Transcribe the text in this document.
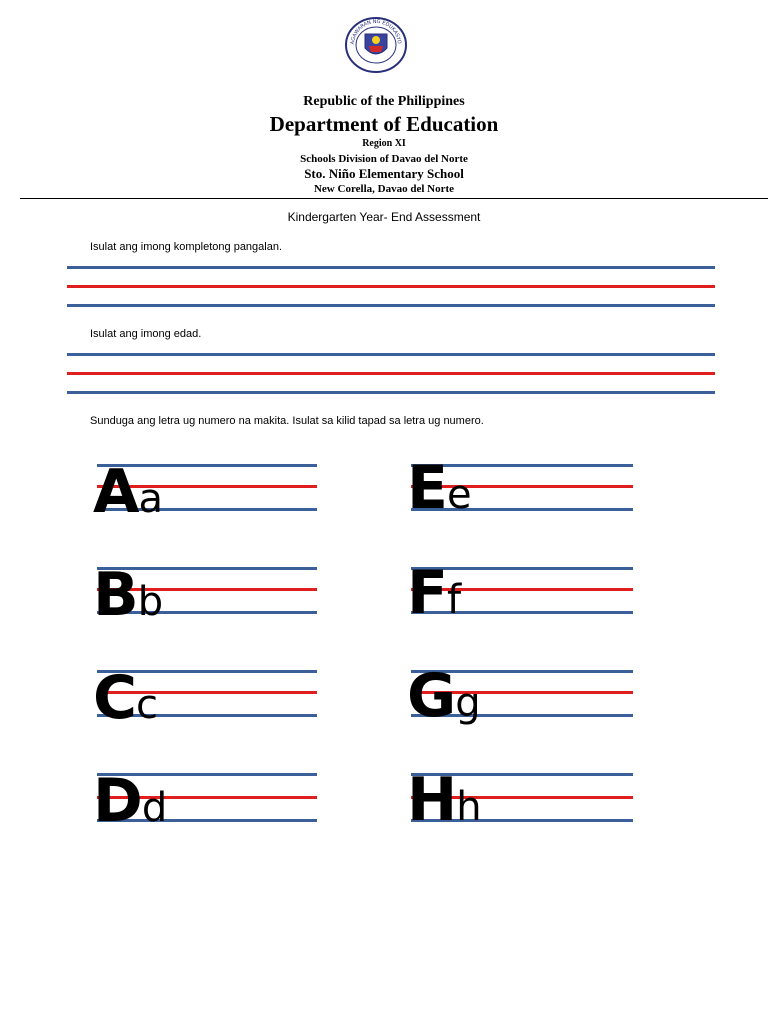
AGAWARAN NG EDUKASYO
Republic of the Philippines
Department of Education
Region XI
Schools Division of Davao del Norte
Sto. Niño Elementary School
New Corella, Davao del Norte
Kindergarten Year- End Assessment
Isulat ang imong kompletong pangalan.
Isulat ang imong edad.
Sunduga ang letra ug numero na makita. Isulat sa kilid tapad sa letra ug numero.
Aa
Bb
Cc
Dd
Ee
Ff
Gg
Hh
